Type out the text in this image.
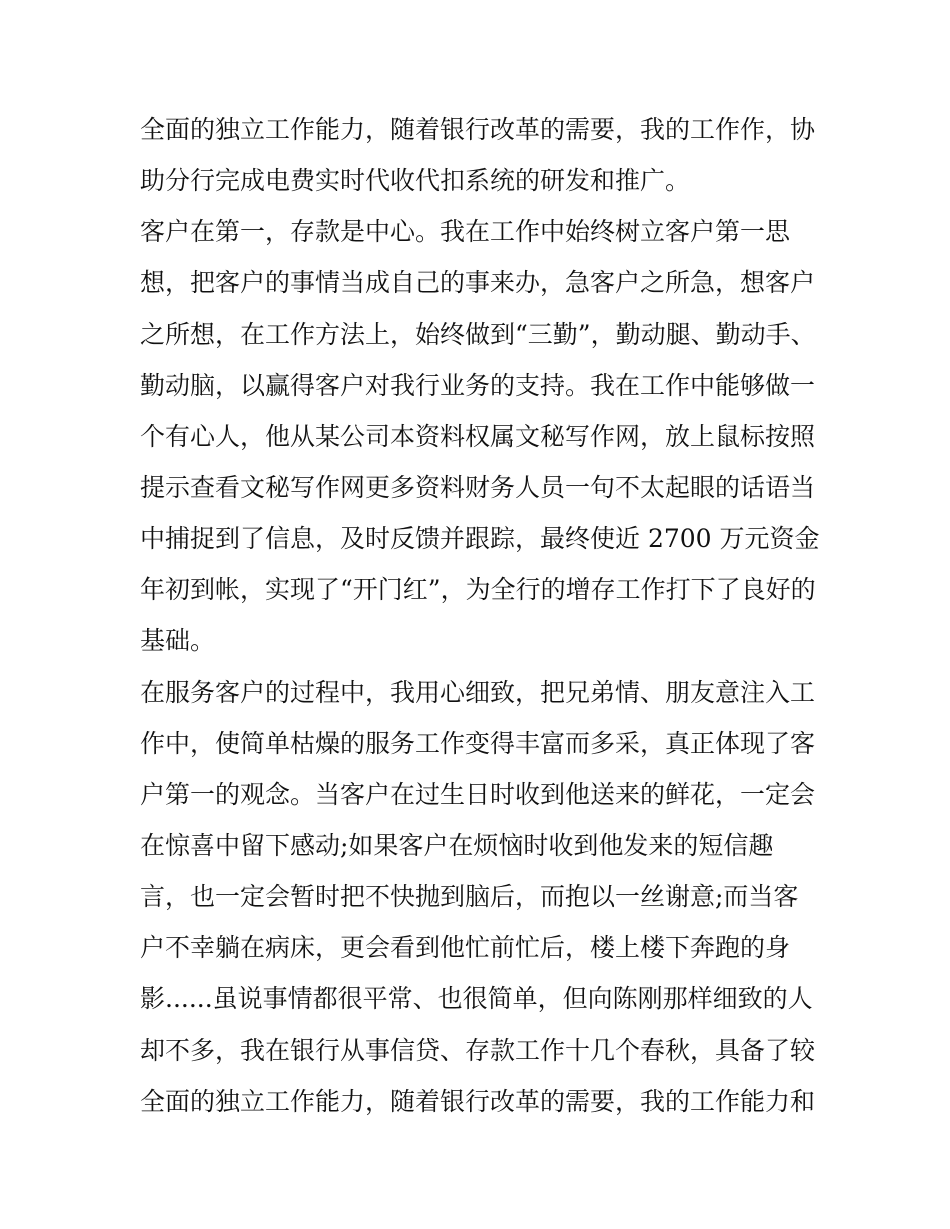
全面的独立工作能力，随着银行改革的需要，我的工作作，协
助分行完成电费实时代收代扣系统的研发和推广。
客户在第一，存款是中心。我在工作中始终树立客户第一思
想，把客户的事情当成自己的事来办，急客户之所急，想客户
之所想，在工作方法上，始终做到“三勤”，勤动腿、勤动手、
勤动脑，以赢得客户对我行业务的支持。我在工作中能够做一
个有心人，他从某公司本资料权属文秘写作网，放上鼠标按照
提示查看文秘写作网更多资料财务人员一句不太起眼的话语当
中捕捉到了信息，及时反馈并跟踪，最终使近 2700 万元资金
年初到帐，实现了“开门红”，为全行的增存工作打下了良好的
基础。
在服务客户的过程中，我用心细致，把兄弟情、朋友意注入工
作中，使简单枯燥的服务工作变得丰富而多采，真正体现了客
户第一的观念。当客户在过生日时收到他送来的鲜花，一定会
在惊喜中留下感动;如果客户在烦恼时收到他发来的短信趣
言，也一定会暂时把不快抛到脑后，而抱以一丝谢意;而当客
户不幸躺在病床，更会看到他忙前忙后，楼上楼下奔跑的身
影......虽说事情都很平常、也很简单，但向陈刚那样细致的人
却不多，我在银行从事信贷、存款工作十几个春秋，具备了较
全面的独立工作能力，随着银行改革的需要，我的工作能力和
